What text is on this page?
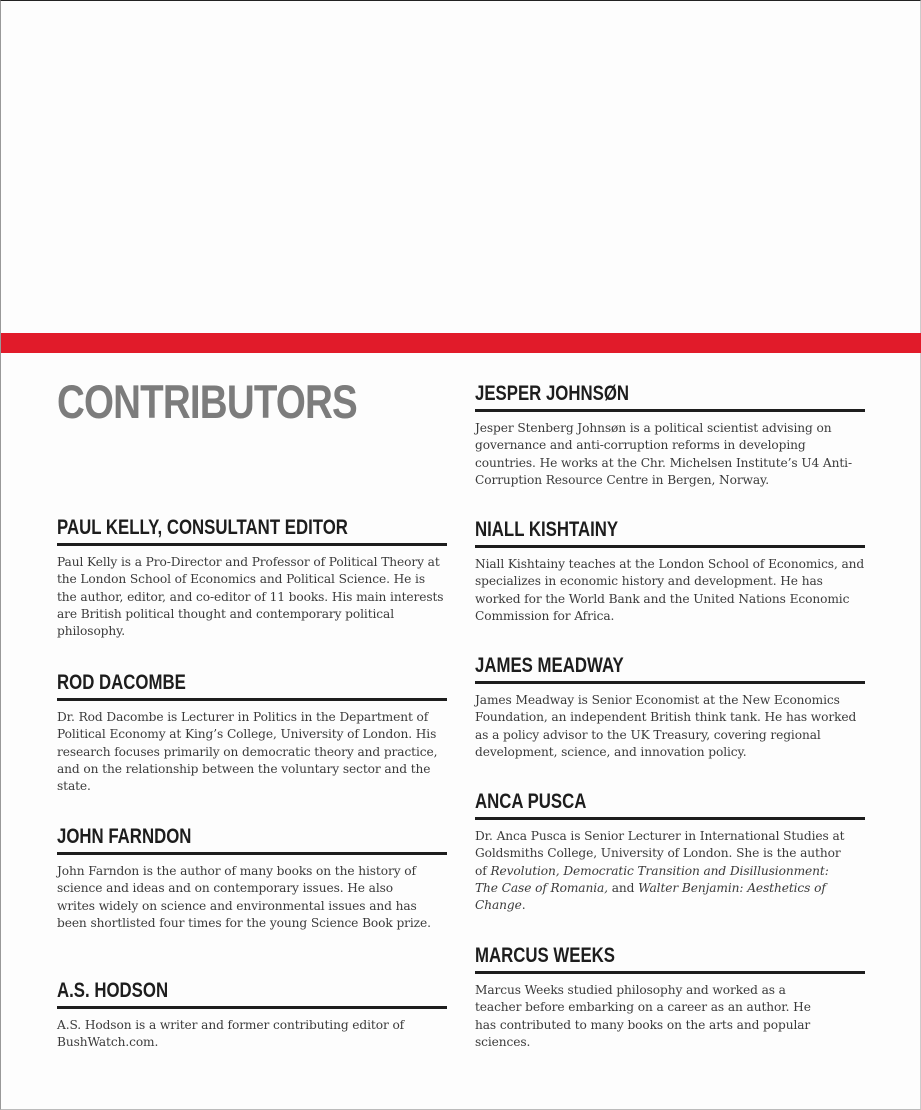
CONTRIBUTORS
PAUL KELLY, CONSULTANT EDITOR
Paul Kelly is a Pro-Director and Professor of Political Theory at the London School of Economics and Political Science. He is the author, editor, and co-editor of 11 books. His main interests are British political thought and contemporary political philosophy.
ROD DACOMBE
Dr. Rod Dacombe is Lecturer in Politics in the Department of Political Economy at King’s College, University of London. His research focuses primarily on democratic theory and practice, and on the relationship between the voluntary sector and the state.
JOHN FARNDON
John Farndon is the author of many books on the history of science and ideas and on contemporary issues. He also writes widely on science and environmental issues and has been shortlisted four times for the young Science Book prize.
A.S. HODSON
A.S. Hodson is a writer and former contributing editor of BushWatch.com.
JESPER JOHNSØN
Jesper Stenberg Johnsøn is a political scientist advising on governance and anti-corruption reforms in developing countries. He works at the Chr. Michelsen Institute’s U4 Anti-Corruption Resource Centre in Bergen, Norway.
NIALL KISHTAINY
Niall Kishtainy teaches at the London School of Economics, and specializes in economic history and development. He has worked for the World Bank and the United Nations Economic Commission for Africa.
JAMES MEADWAY
James Meadway is Senior Economist at the New Economics Foundation, an independent British think tank. He has worked as a policy advisor to the UK Treasury, covering regional development, science, and innovation policy.
ANCA PUSCA
Dr. Anca Pusca is Senior Lecturer in International Studies at Goldsmiths College, University of London. She is the author of Revolution, Democratic Transition and Disillusionment: The Case of Romania, and Walter Benjamin: Aesthetics of Change.
MARCUS WEEKS
Marcus Weeks studied philosophy and worked as a teacher before embarking on a career as an author. He has contributed to many books on the arts and popular sciences.
